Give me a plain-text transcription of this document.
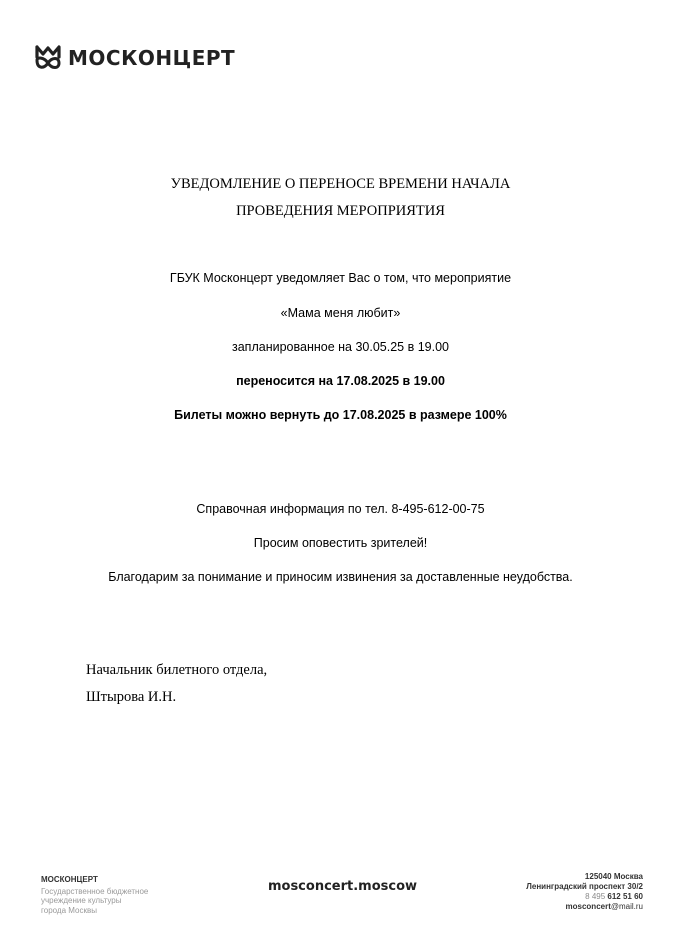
МОСКОНЦЕРТ
УВЕДОМЛЕНИЕ О ПЕРЕНОСЕ ВРЕМЕНИ НАЧАЛА
ПРОВЕДЕНИЯ МЕРОПРИЯТИЯ
ГБУК Москонцерт уведомляет Вас о том, что мероприятие
«Мама меня любит»
запланированное на 30.05.25 в 19.00
переносится на 17.08.2025 в 19.00
Билеты можно вернуть до 17.08.2025 в размере 100%
Справочная информация по тел. 8-495-612-00-75
Просим оповестить зрителей!
Благодарим за понимание и приносим извинения за доставленные неудобства.
Начальник билетного отдела,
Штырова И.Н.
МОСКОНЦЕРТ
Государственное бюджетное
учреждение культуры
города Москвы
mosconcert.moscow
125040 Москва
Ленинградский проспект 30/2
8 495 612 51 60
mosconcert@mail.ru
